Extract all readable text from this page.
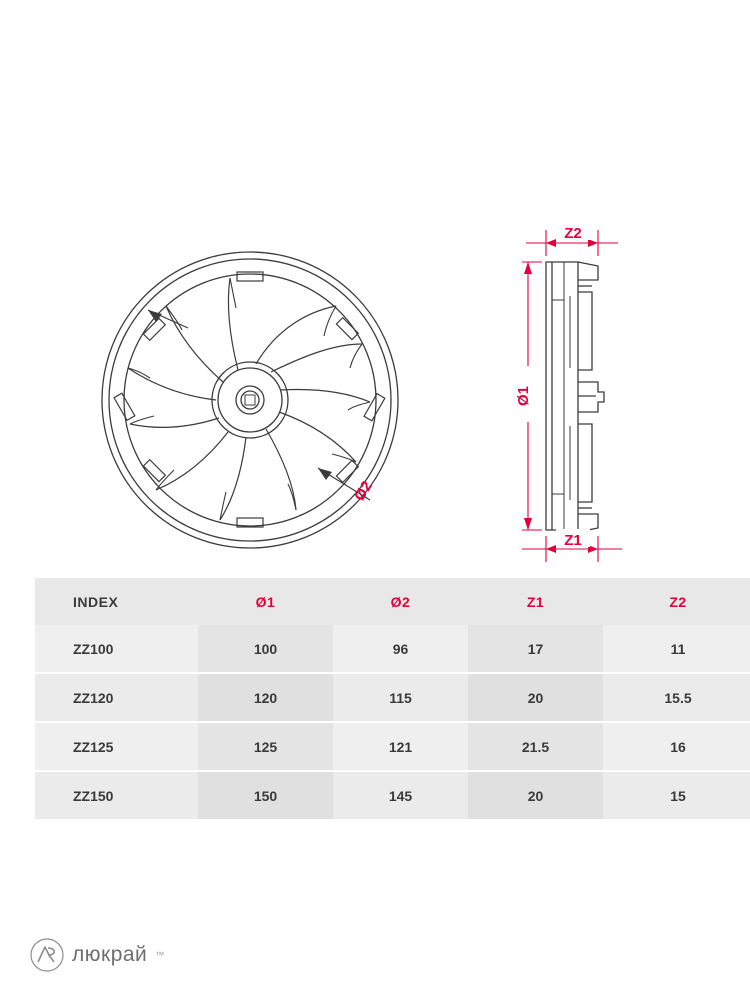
Ø2
Z2
Ø1
Z1
INDEX	Ø1	Ø2	Z1	Z2
ZZ100	100	96	17	11
ZZ120	120	115	20	15.5
ZZ125	125	121	21.5	16
ZZ150	150	145	20	15
люкрай ™
